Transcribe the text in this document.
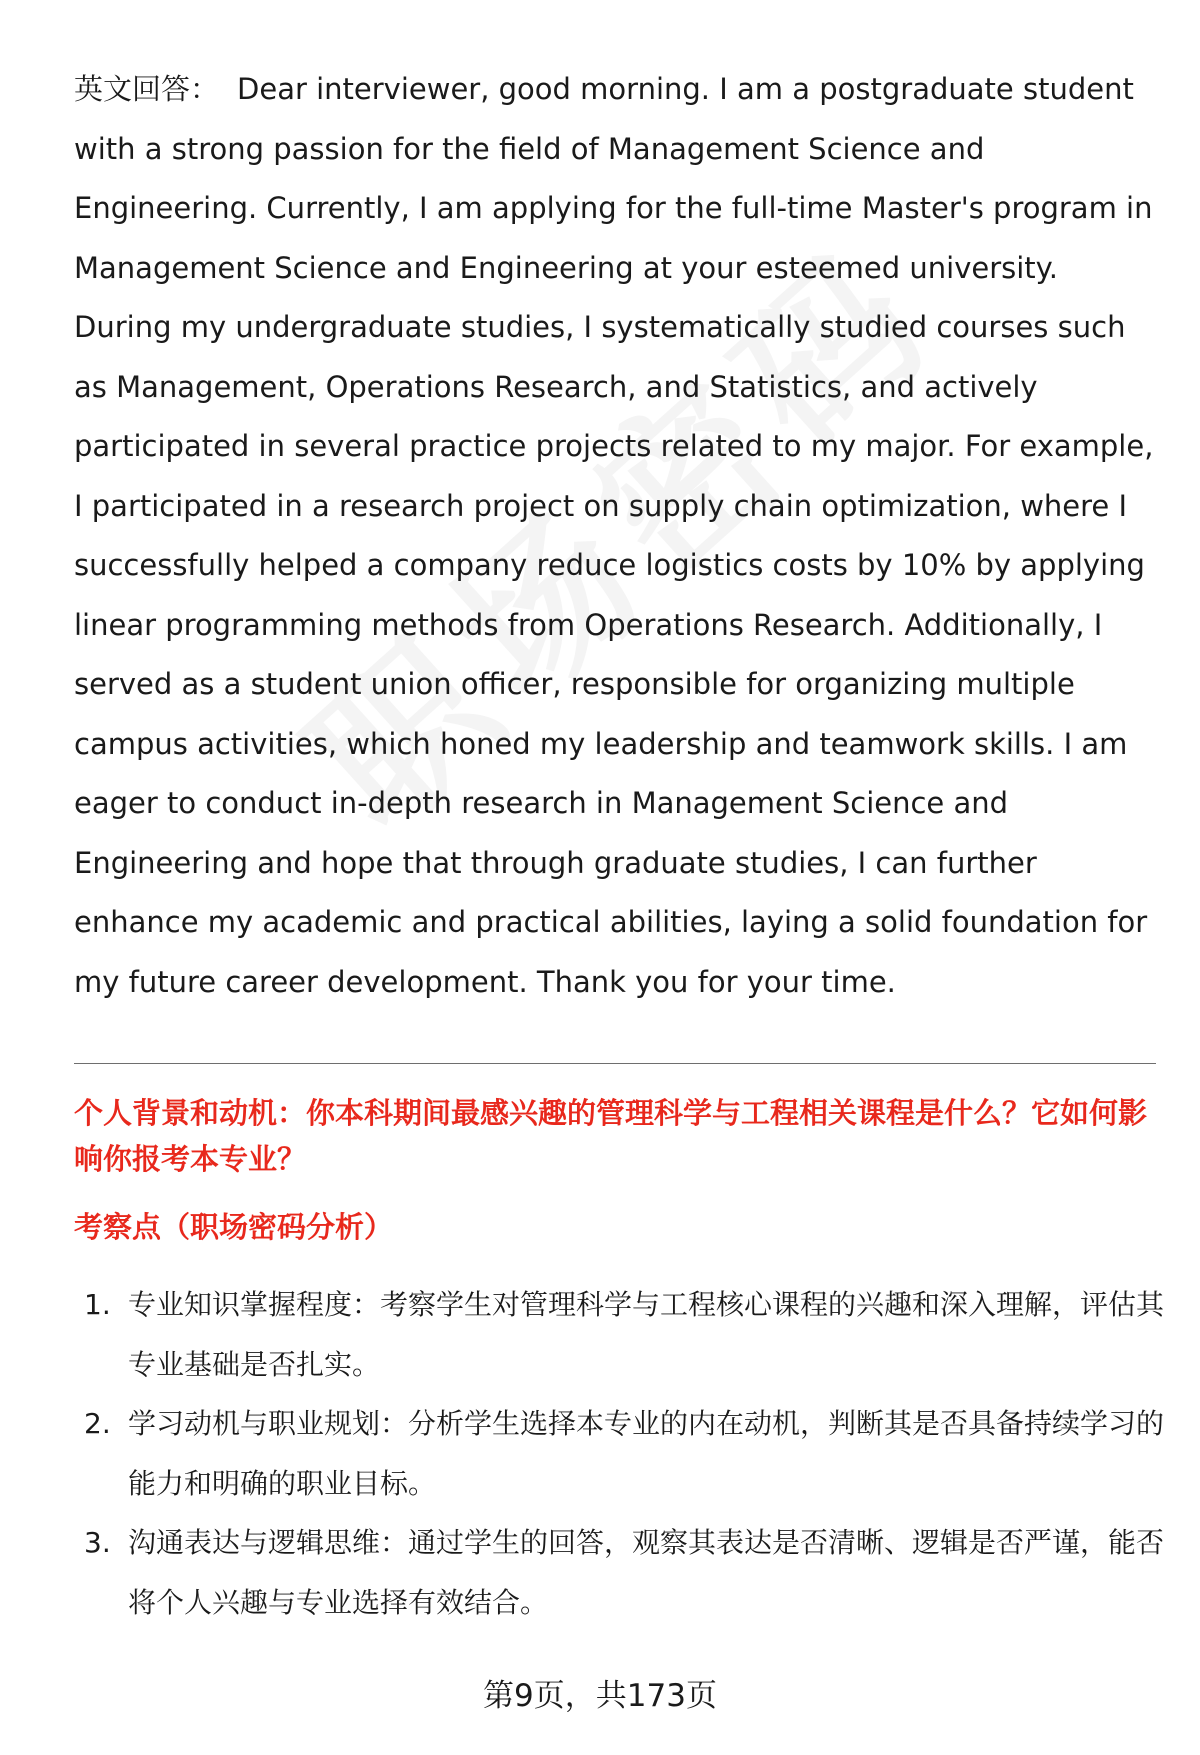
英文回答： Dear interviewer, good morning. I am a postgraduate student with a strong passion for the field of Management Science and Engineering. Currently, I am applying for the full-time Master's program in Management Science and Engineering at your esteemed university. During my undergraduate studies, I systematically studied courses such as Management, Operations Research, and Statistics, and actively participated in several practice projects related to my major. For example, I participated in a research project on supply chain optimization, where I successfully helped a company reduce logistics costs by 10% by applying linear programming methods from Operations Research. Additionally, I served as a student union officer, responsible for organizing multiple campus activities, which honed my leadership and teamwork skills. I am eager to conduct in-depth research in Management Science and Engineering and hope that through graduate studies, I can further enhance my academic and practical abilities, laying a solid foundation for my future career development. Thank you for your time.
个人背景和动机：你本科期间最感兴趣的管理科学与工程相关课程是什么？它如何影响你报考本专业？
考察点（职场密码分析）
1. 专业知识掌握程度：考察学生对管理科学与工程核心课程的兴趣和深入理解，评估其专业基础是否扎实。
2. 学习动机与职业规划：分析学生选择本专业的内在动机，判断其是否具备持续学习的能力和明确的职业目标。
3. 沟通表达与逻辑思维：通过学生的回答，观察其表达是否清晰、逻辑是否严谨，能否将个人兴趣与专业选择有效结合。
第9页，共173页
